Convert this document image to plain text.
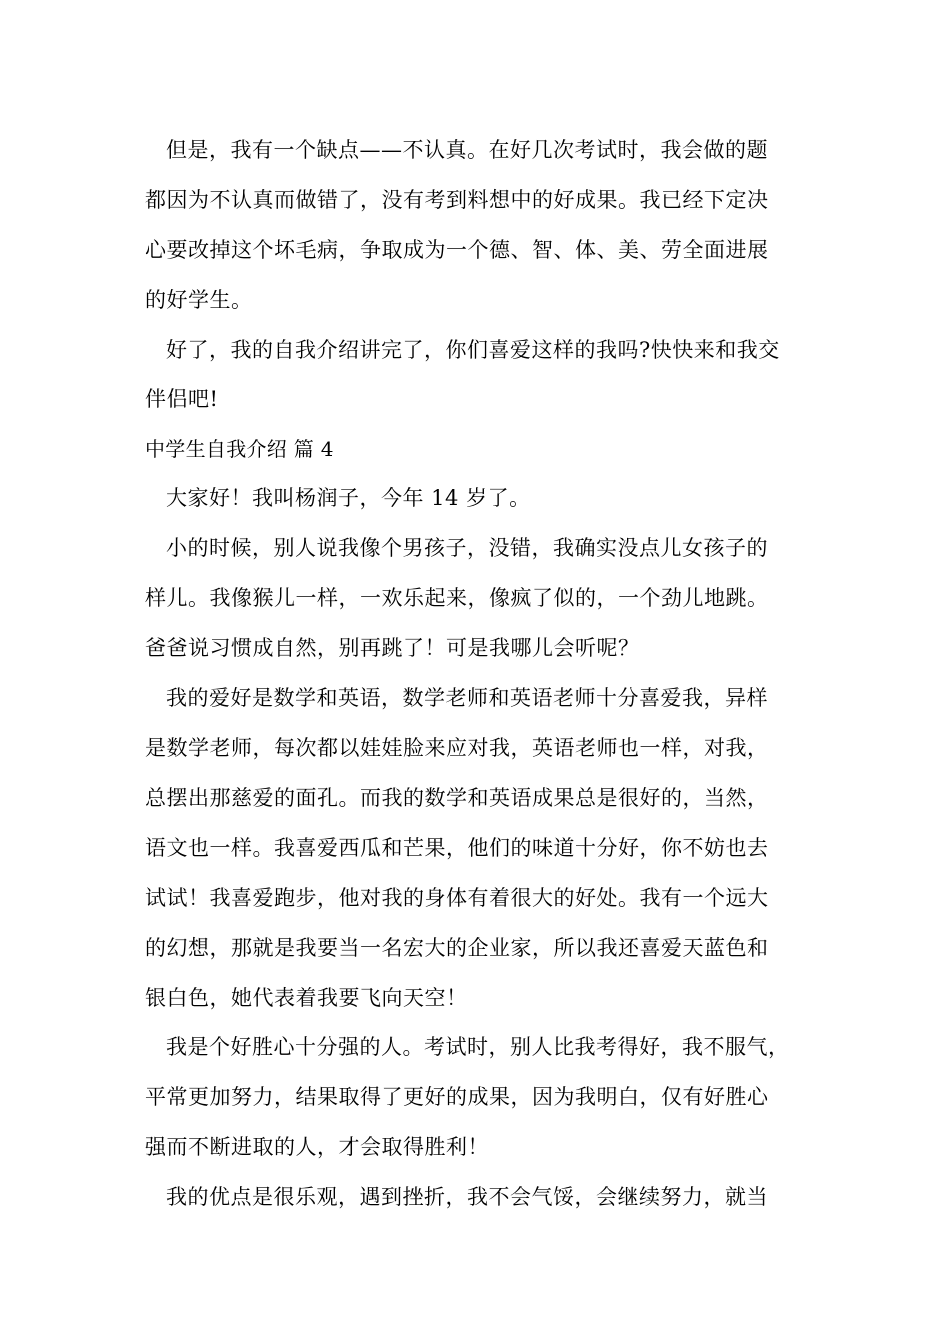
但是，我有一个缺点——不认真。在好几次考试时，我会做的题
都因为不认真而做错了，没有考到料想中的好成果。我已经下定决
心要改掉这个坏毛病，争取成为一个德、智、体、美、劳全面进展
的好学生。
好了，我的自我介绍讲完了，你们喜爱这样的我吗?快快来和我交
伴侣吧!
中学生自我介绍 篇 4
大家好！我叫杨润子，今年 14 岁了。
小的时候，别人说我像个男孩子，没错，我确实没点儿女孩子的
样儿。我像猴儿一样，一欢乐起来，像疯了似的，一个劲儿地跳。
爸爸说习惯成自然，别再跳了！可是我哪儿会听呢？
我的爱好是数学和英语，数学老师和英语老师十分喜爱我，异样
是数学老师，每次都以娃娃脸来应对我，英语老师也一样，对我，
总摆出那慈爱的面孔。而我的数学和英语成果总是很好的，当然，
语文也一样。我喜爱西瓜和芒果，他们的味道十分好，你不妨也去
试试！我喜爱跑步，他对我的身体有着很大的好处。我有一个远大
的幻想，那就是我要当一名宏大的企业家，所以我还喜爱天蓝色和
银白色，她代表着我要飞向天空！
我是个好胜心十分强的人。考试时，别人比我考得好，我不服气，
平常更加努力，结果取得了更好的成果，因为我明白，仅有好胜心
强而不断进取的人，才会取得胜利！
我的优点是很乐观，遇到挫折，我不会气馁，会继续努力，就当
